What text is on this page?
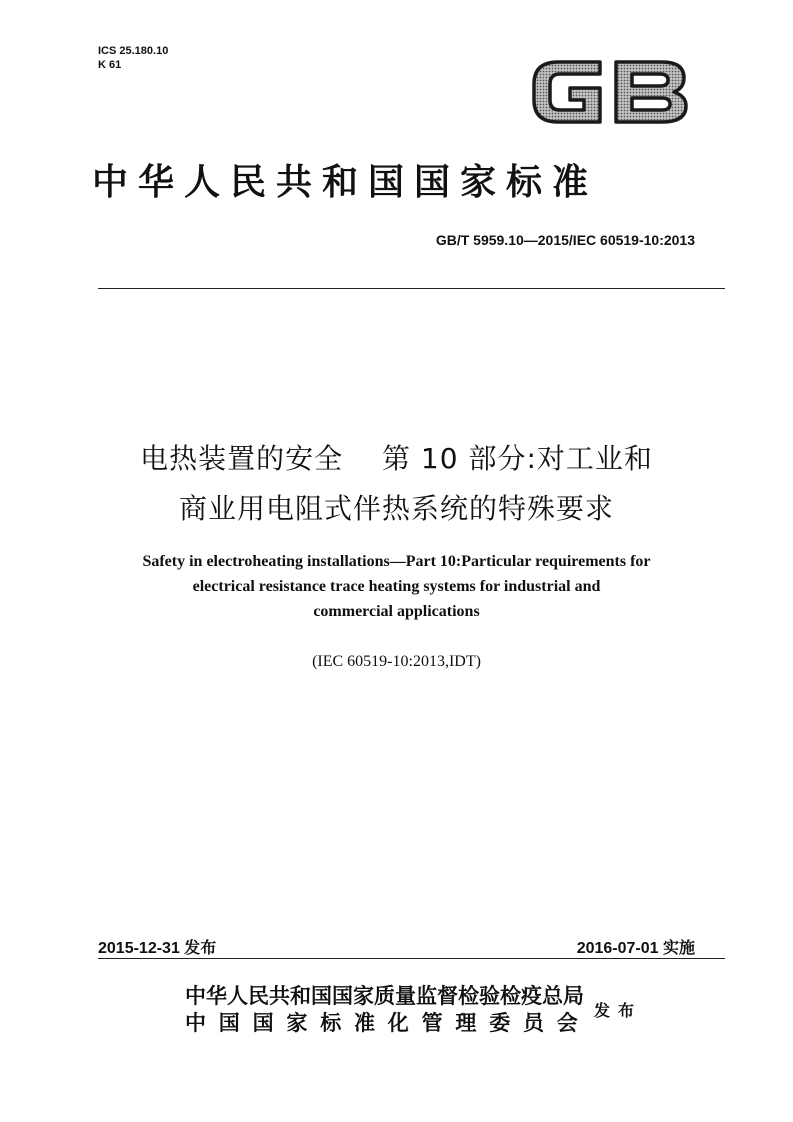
ICS 25.180.10
K 61
中华人民共和国国家标准
GB/T 5959.10—2015/IEC 60519-10:2013
电热装置的安全　 第 10 部分:对工业和
商业用电阻式伴热系统的特殊要求
Safety in electroheating installations—Part 10:Particular requirements for
electrical resistance trace heating systems for industrial and
commercial applications
(IEC 60519-10:2013,IDT)
2015-12-31 发布	2016-07-01 实施
中华人民共和国国家质量监督检验检疫总局
中国国家标准化管理委员会 发布
